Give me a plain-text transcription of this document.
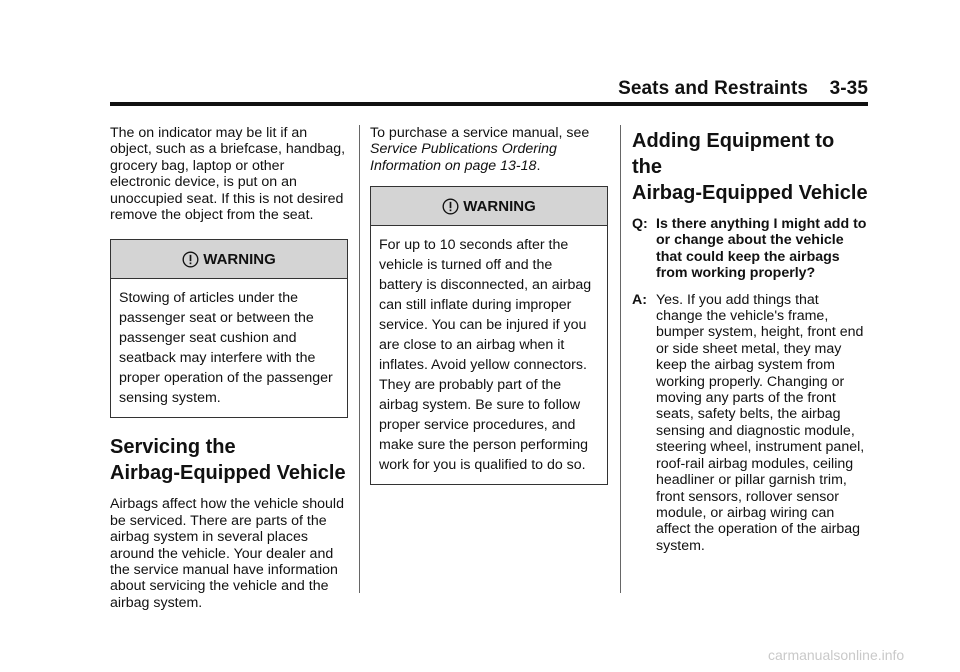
Seats and Restraints 3-35

The on indicator may be lit if an object, such as a briefcase, handbag, grocery bag, laptop or other electronic device, is put on an unoccupied seat. If this is not desired remove the object from the seat.

WARNING
Stowing of articles under the passenger seat or between the passenger seat cushion and seatback may interfere with the proper operation of the passenger sensing system.
Servicing the
Airbag-Equipped Vehicle

Airbags affect how the vehicle should be serviced. There are parts of the airbag system in several places around the vehicle. Your dealer and the service manual have information about servicing the vehicle and the airbag system.

To purchase a service manual, see Service Publications Ordering Information on page 13-18.

WARNING
For up to 10 seconds after the vehicle is turned off and the battery is disconnected, an airbag can still inflate during improper service. You can be injured if you are close to an airbag when it inflates. Avoid yellow connectors. They are probably part of the airbag system. Be sure to follow proper service procedures, and make sure the person performing work for you is qualified to do so.
Adding Equipment to the
Airbag-Equipped Vehicle
Q: Is there anything I might add to or change about the vehicle that could keep the airbags from working properly?
A: Yes. If you add things that change the vehicle's frame, bumper system, height, front end or side sheet metal, they may keep the airbag system from working properly. Changing or moving any parts of the front seats, safety belts, the airbag sensing and diagnostic module, steering wheel, instrument panel, roof-rail airbag modules, ceiling headliner or pillar garnish trim, front sensors, rollover sensor module, or airbag wiring can affect the operation of the airbag system.
carmanualsonline.info
